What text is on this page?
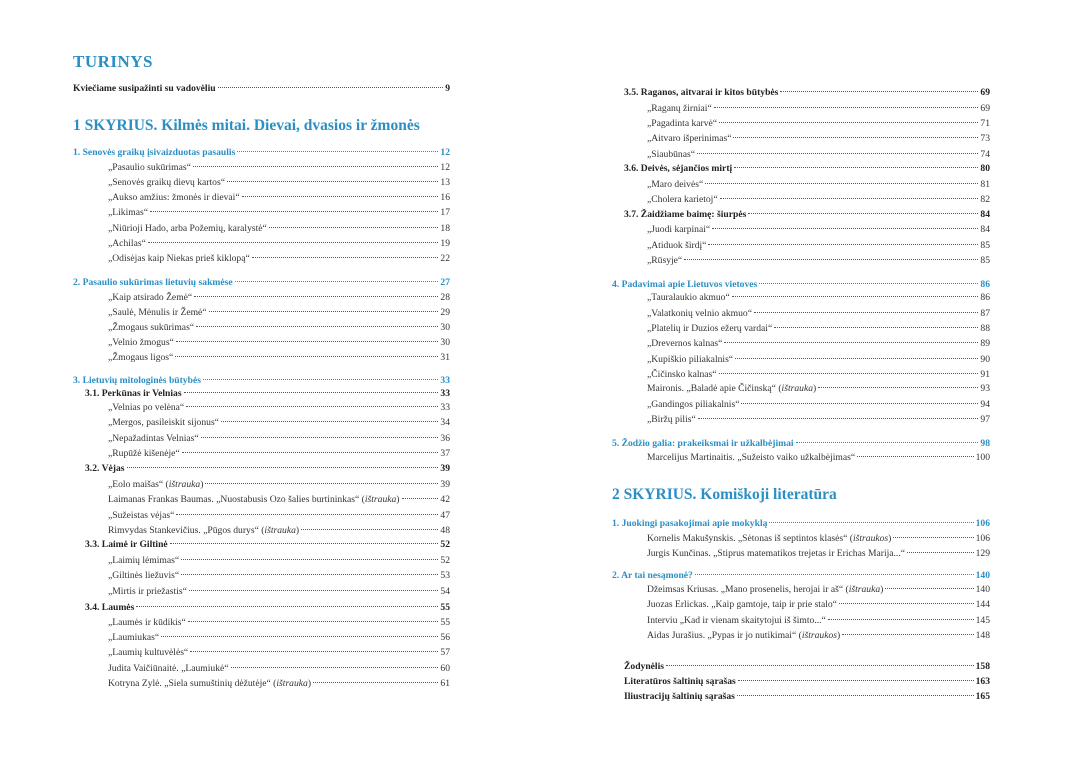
TURINYS
Kviečiame susipažinti su vadovėliu	9
1 SKYRIUS. Kilmės mitai. Dievai, dvasios ir žmonės
1. Senovės graikų įsivaizduotas pasaulis	12
„Pasaulio sukūrimas“	12
„Senovės graikų dievų kartos“	13
„Aukso amžius: žmonės ir dievai“	16
„Likimas“	17
„Niūrioji Hado, arba Požemių, karalystė“	18
„Achilas“	19
„Odisėjas kaip Niekas prieš kiklopą“	22
2. Pasaulio sukūrimas lietuvių sakmėse	27
„Kaip atsirado Žemė“	28
„Saulė, Mėnulis ir Žemė“	29
„Žmogaus sukūrimas“	30
„Velnio žmogus“	30
„Žmogaus ligos“	31
3. Lietuvių mitologinės būtybės	33
3.1. Perkūnas ir Velnias	33
„Velnias po velėna“	33
„Mergos, pasileiskit sijonus“	34
„Nepažadintas Velnias“	36
„Rupūžė kišenėje“	37
3.2. Vėjas	39
„Eolo maišas“ (ištrauka)	39
Laimanas Frankas Baumas. „Nuostabusis Ozo šalies burtininkas“ (ištrauka)	42
„Sužeistas vėjas“	47
Rimvydas Stankevičius. „Pūgos durys“ (ištrauka)	48
3.3. Laimė ir Giltinė	52
„Laimių lėmimas“	52
„Giltinės liežuvis“	53
„Mirtis ir priežastis“	54
3.4. Laumės	55
„Laumės ir kūdikis“	55
„Laumiukas“	56
„Laumių kultuvėlės“	57
Judita Vaičiūnaitė. „Laumiukė“	60
Kotryna Zylė. „Siela sumuštinių dėžutėje“ (ištrauka)	61
2 SKYRIUS. Komiškoji literatūra
3.5. Raganos, aitvarai ir kitos būtybės	69
„Raganų žirniai“	69
„Pagadinta karvė“	71
„Aitvaro išperinimas“	73
„Siaubūnas“	74
3.6. Deivės, sėjančios mirtį	80
„Maro deivės“	81
„Cholera karietoj“	82
3.7. Žaidžiame baimę: šiurpės	84
„Juodi karpinai“	84
„Atiduok širdį“	85
„Rūsyje“	85
4. Padavimai apie Lietuvos vietoves	86
„Tauralaukio akmuo“	86
„Valatkonių velnio akmuo“	87
„Platelių ir Duzios ežerų vardai“	88
„Drevernos kalnas“	89
„Kupiškio piliakalnis“	90
„Čičinsko kalnas“	91
Maironis. „Baladė apie Čičinską“ (ištrauka)	93
„Gandingos piliakalnis“	94
„Biržų pilis“	97
5. Žodžio galia: prakeiksmai ir užkalbėjimai	98
Marcelijus Martinaitis. „Sužeisto vaiko užkalbėjimas“	100
1. Juokingi pasakojimai apie mokyklą	106
Kornelis Makušynskis. „Sėtonas iš septintos klasės“ (ištraukos)	106
Jurgis Kunčinas. „Stiprus matematikos trejetas ir Erichas Marija...“	129
2. Ar tai nesąmonė?	140
Džeimsas Kriusas. „Mano prosenelis, herojai ir aš“ (ištrauka)	140
Juozas Erlickas. „Kaip gamtoje, taip ir prie stalo“	144
Interviu „Kad ir vienam skaitytojui iš šimto...“	145
Aidas Jurašius. „Pypas ir jo nutikimai“ (ištraukos)	148
Žodynėlis	158
Literatūros šaltinių sąrašas	163
Iliustracijų šaltinių sąrašas	165
